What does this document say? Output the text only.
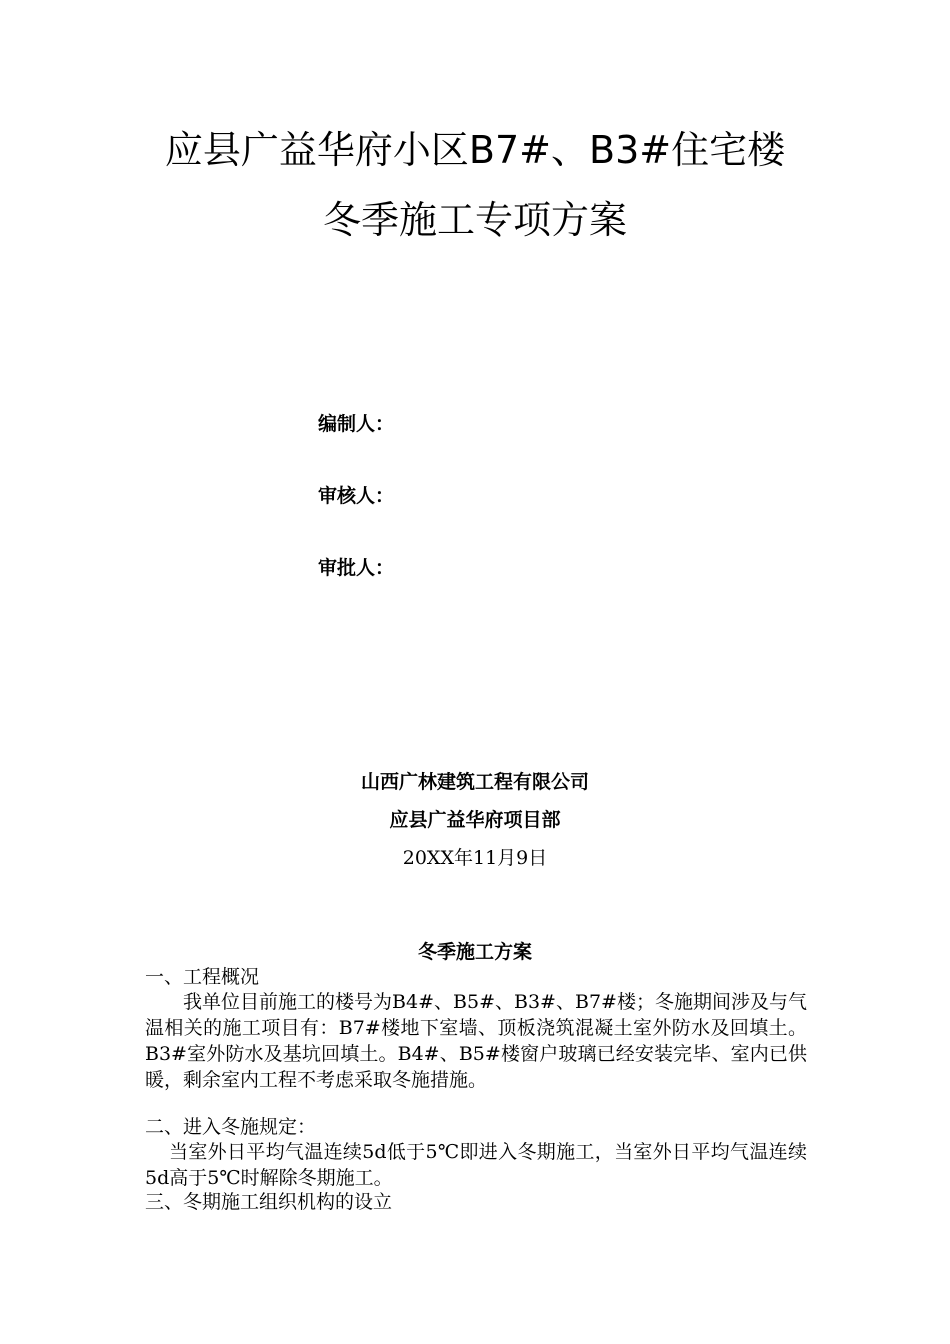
应县广益华府小区B7#、B3#住宅楼
冬季施工专项方案
编制人：
审核人：
审批人：
山西广林建筑工程有限公司
应县广益华府项目部
20XX年11月9日
冬季施工方案

一、工程概况

我单位目前施工的楼号为B4#、B5#、B3#、B7#楼；冬施期间涉及与气温相关的施工项目有：B7#楼地下室墙、顶板浇筑混凝土室外防水及回填土。B3#室外防水及基坑回填土。B4#、B5#楼窗户玻璃已经安装完毕、室内已供暖，剩余室内工程不考虑采取冬施措施。

二、进入冬施规定：

当室外日平均气温连续5d低于5℃即进入冬期施工，当室外日平均气温连续5d高于5℃时解除冬期施工。

三、冬期施工组织机构的设立
